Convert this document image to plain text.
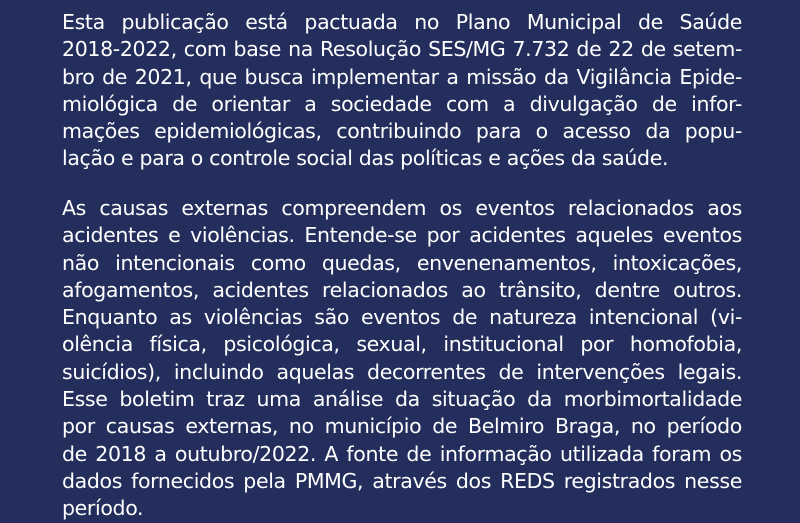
Esta publicação está pactuada no Plano Municipal de Saúde
2018-2022, com base na Resolução SES/MG 7.732 de 22 de setem-
bro de 2021, que busca implementar a missão da Vigilância Epide-
miológica de orientar a sociedade com a divulgação de infor-
mações epidemiológicas, contribuindo para o acesso da popu-
lação e para o controle social das políticas e ações da saúde.
As causas externas compreendem os eventos relacionados aos
acidentes e violências. Entende-se por acidentes aqueles eventos
não intencionais como quedas, envenenamentos, intoxicações,
afogamentos, acidentes relacionados ao trânsito, dentre outros.
Enquanto as violências são eventos de natureza intencional (vi-
olência física, psicológica, sexual, institucional por homofobia,
suicídios), incluindo aquelas decorrentes de intervenções legais.
Esse boletim traz uma análise da situação da morbimortalidade
por causas externas, no município de Belmiro Braga, no período
de 2018 a outubro/2022. A fonte de informação utilizada foram os
dados fornecidos pela PMMG, através dos REDS registrados nesse
período.
